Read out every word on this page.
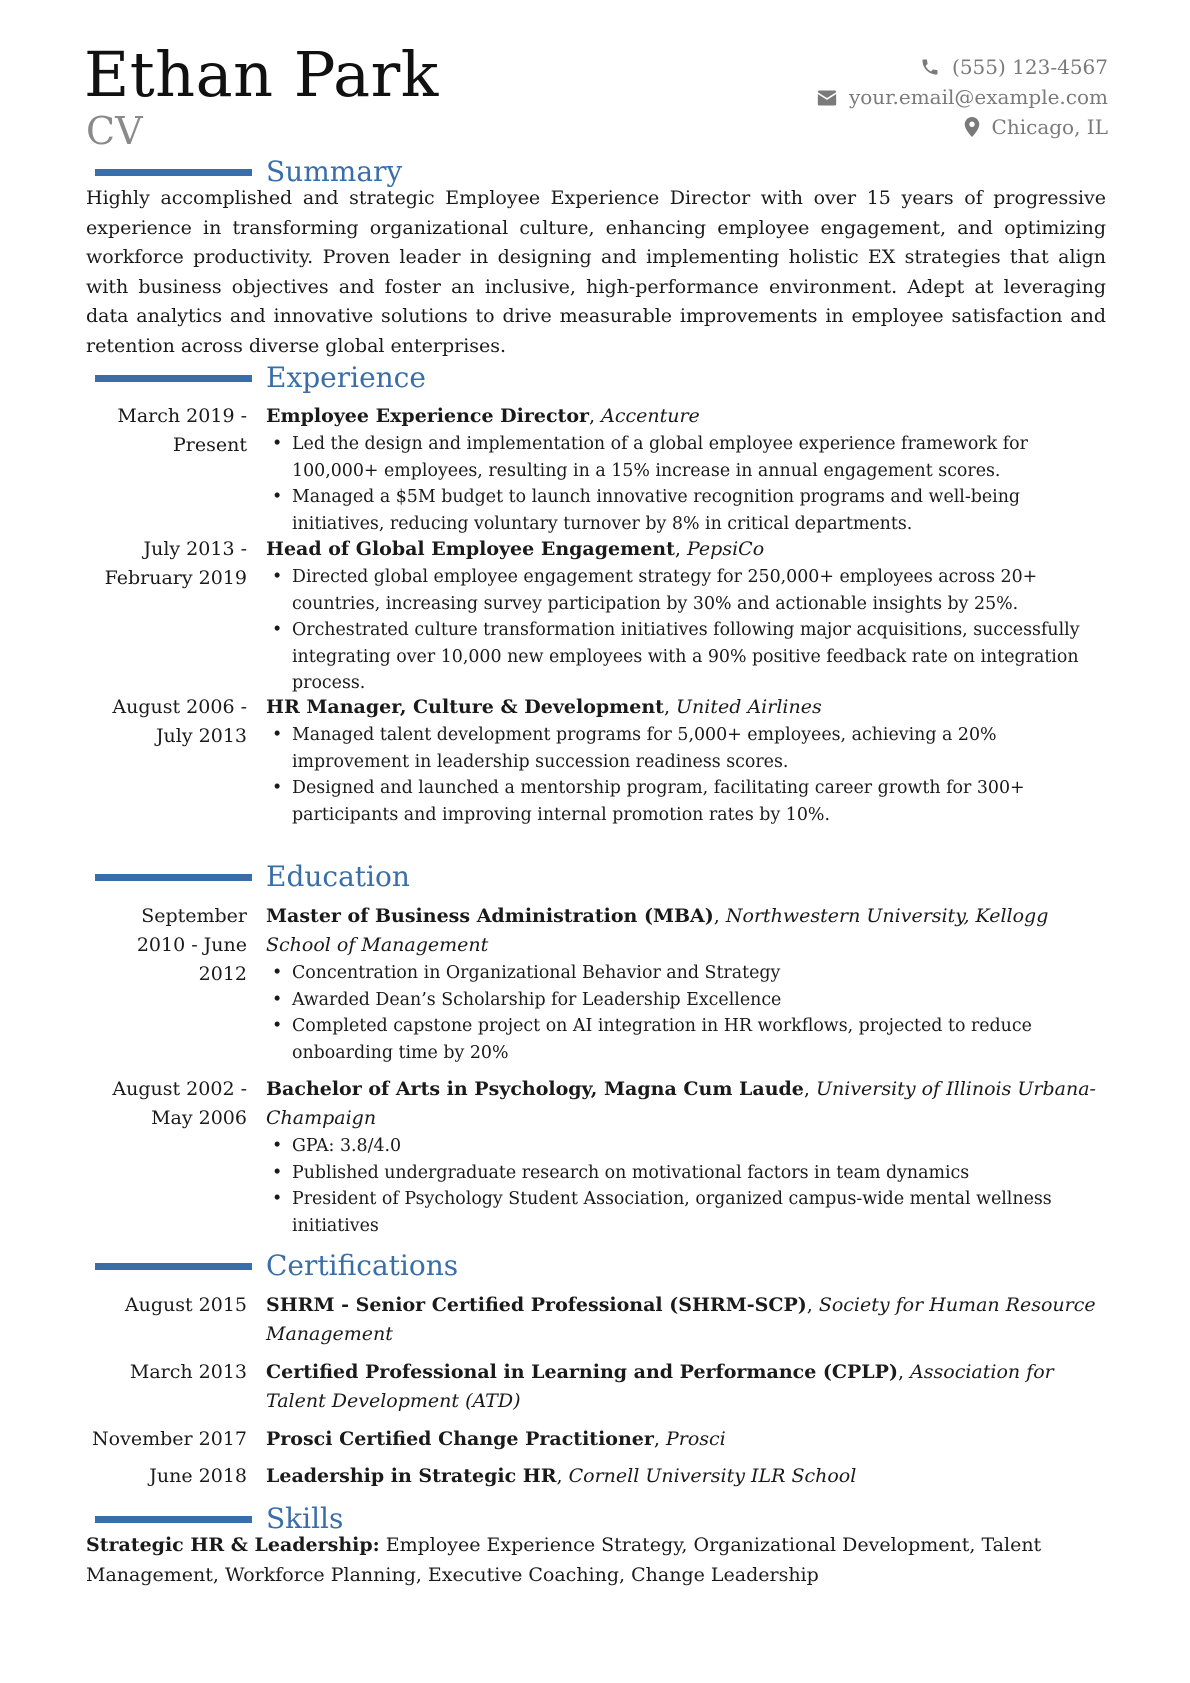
Ethan Park
CV
(555) 123-4567
your.email@example.com
Chicago, IL
Summary
Highly accomplished and strategic Employee Experience Director with over 15 years of progressive experience in transforming organizational culture, enhancing employee engagement, and optimizing workforce productivity. Proven leader in designing and implementing holistic EX strategies that align with business objectives and foster an inclusive, high-performance environment. Adept at leveraging data analytics and innovative solutions to drive measurable improvements in employee satisfaction and retention across diverse global enterprises.
Experience
March 2019 -
Present
Employee Experience Director, Accenture
• Led the design and implementation of a global employee experience framework for 100,000+ employees, resulting in a 15% increase in annual engagement scores.
• Managed a $5M budget to launch innovative recognition programs and well-being initiatives, reducing voluntary turnover by 8% in critical departments.
July 2013 -
February 2019
Head of Global Employee Engagement, PepsiCo
• Directed global employee engagement strategy for 250,000+ employees across 20+ countries, increasing survey participation by 30% and actionable insights by 25%.
• Orchestrated culture transformation initiatives following major acquisitions, successfully integrating over 10,000 new employees with a 90% positive feedback rate on integration process.
August 2006 -
July 2013
HR Manager, Culture & Development, United Airlines
• Managed talent development programs for 5,000+ employees, achieving a 20% improvement in leadership succession readiness scores.
• Designed and launched a mentorship program, facilitating career growth for 300+ participants and improving internal promotion rates by 10%.
Education
September
2010 - June
2012
Master of Business Administration (MBA), Northwestern University, Kellogg School of Management
• Concentration in Organizational Behavior and Strategy
• Awarded Dean’s Scholarship for Leadership Excellence
• Completed capstone project on AI integration in HR workflows, projected to reduce onboarding time by 20%
August 2002 -
May 2006
Bachelor of Arts in Psychology, Magna Cum Laude, University of Illinois Urbana-Champaign
• GPA: 3.8/4.0
• Published undergraduate research on motivational factors in team dynamics
• President of Psychology Student Association, organized campus-wide mental wellness initiatives
Certifications
August 2015 SHRM - Senior Certified Professional (SHRM-SCP), Society for Human Resource Management
March 2013 Certified Professional in Learning and Performance (CPLP), Association for Talent Development (ATD)
November 2017 Prosci Certified Change Practitioner, Prosci
June 2018 Leadership in Strategic HR, Cornell University ILR School
Skills
Strategic HR & Leadership: Employee Experience Strategy, Organizational Development, Talent Management, Workforce Planning, Executive Coaching, Change Leadership
